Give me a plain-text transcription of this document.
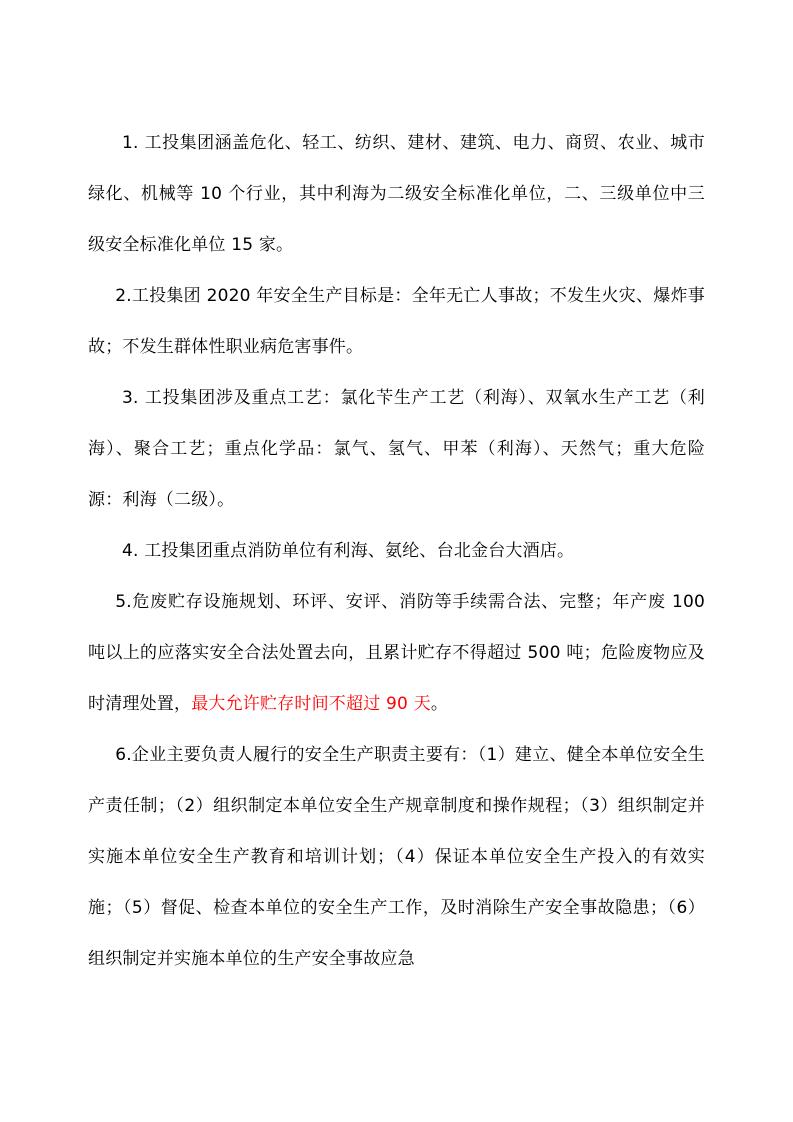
1. 工投集团涵盖危化、轻工、纺织、建材、建筑、电力、商贸、农业、城市绿化、机械等 10 个行业，其中利海为二级安全标准化单位，二、三级单位中三级安全标准化单位 15 家。

2.工投集团 2020 年安全生产目标是：全年无亡人事故；不发生火灾、爆炸事故；不发生群体性职业病危害事件。

3. 工投集团涉及重点工艺：氯化苄生产工艺（利海）、双氧水生产工艺（利海）、聚合工艺；重点化学品：氯气、氢气、甲苯（利海）、天然气；重大危险源：利海（二级）。

4. 工投集团重点消防单位有利海、氨纶、台北金台大酒店。

5.危废贮存设施规划、环评、安评、消防等手续需合法、完整；年产废 100 吨以上的应落实安全合法处置去向，且累计贮存不得超过 500 吨；危险废物应及时清理处置，最大允许贮存时间不超过 90 天。

6.企业主要负责人履行的安全生产职责主要有：（1）建立、健全本单位安全生产责任制；（2）组织制定本单位安全生产规章制度和操作规程；（3）组织制定并实施本单位安全生产教育和培训计划；（4）保证本单位安全生产投入的有效实施；（5）督促、检查本单位的安全生产工作，及时消除生产安全事故隐患；（6）组织制定并实施本单位的生产安全事故应急
